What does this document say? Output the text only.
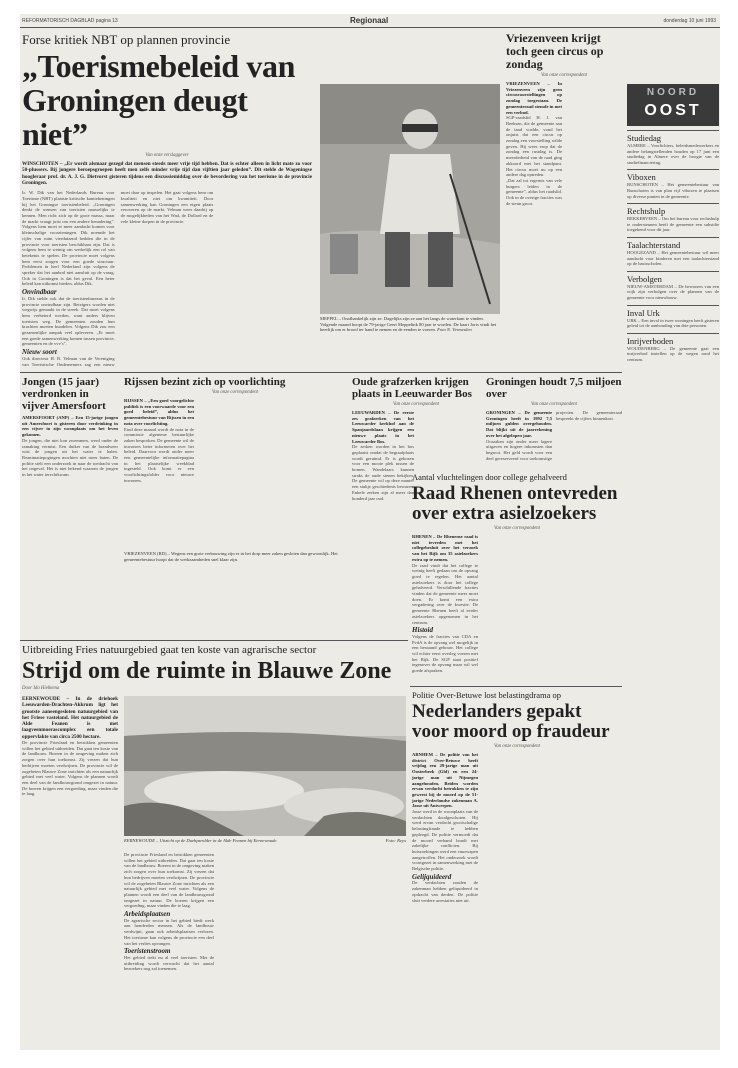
REFORMATORISCH DAGBLAD pagina 13	Regionaal	donderdag 10 juni 1993
Forse kritiek NBT op plannen provincie
„Toerismebeleid van Groningen deugt niet”
Van onze verslaggever
WINSCHOTEN – „Er wordt alsmaar gezegd dat mensen steeds meer vrije tijd hebben. Dat is echter alleen in licht mate zo voor 50-plussers. Bij jongere beroepsgroepen heeft men zelfs minder vrije tijd dan vijftien jaar geleden”. Dit stelde de Wageningse hoogleraar prof. dr. A. J. G. Dietvorst gisteren tijdens een discussiemiddag over de bevordering van het toerisme in de provincie Groningen.

Ir. W. Dik van het Nederlands Bureau voor Toerisme (NBT) plaatste kritische kanttekeningen bij het Groningse toeristenbeleid. „Groningen denkt de wensen van toeristen nauwelijks te kennen. Men richt zich op de grote massa, maar de markt vraagt juist om een andere benadering”. Volgens hem moet er meer aandacht komen voor kleinschalige voorzieningen. Dik noemde het cijfer van ruim vierduizend bedden die in de provincie voor toeristen beschikbaar zijn. Dat is volgens hem te weinig om werkelijk een rol van betekenis te spelen. De provincie moet volgens hem eerst zorgen voor een goede structuur. Problemen in heel Nederland zijn volgens de spreker dat het aanbod niet aansluit op de vraag. Ook in Groningen is dat het geval. Een beter beleid kan uitkomst bieden, aldus Dik.

Onvindbaar

Ir. Dik stelde ook dat de toeristenbureaus in de provincie onvindbaar zijn. Reizigers worden niet wegwijs gemaakt in de streek. Dat moet volgens hem verbeterd worden, want anders blijven toeristen weg. De gemeenten zouden hun krachten moeten bundelen. Volgens Dik zou een gezamenlijke aanpak veel opleveren. „Er moet een goede samenwerking komen tussen provincie, gemeenten en de vvv's”.

Nieuw soort

Ook directeur H. B. Velman van de Vereniging van Toeristische Ondernemers zag een nieuw moet daar op inspelen. Het gaat volgens hem om kwaliteit en niet om kwantiteit. Door samenwerking kan Groningen een eigen plaats veroveren op de markt. Velman wees daarbij op de mogelijkheden van het Wad, de Dollard en de vele kleine dorpen in de provincie.

MEPPEL – Onafhankelijk zijn ze. Dagelijks zijn ze aan het langs de waterkant te vinden. Volgende maand hoopt de 79-jarige Geert Meppelink 80 jaar te worden. De kaart Jorts vindt het heerlijk om er brood ter hand te nemen en de eenden te voeren. Foto N. Vermeulen
Vriezenveen krijgt toch geen circus op zondag
Van onze correspondent

VRIEZENVEEN – In Vriezenveen zijn geen circusvoorstellingen op zondag toegestaan. De gemeenteraad stemde in met een verbod.

SGP-raadslid H. J. van Beeksen, die de gemeente aan de tand voelde, vond het onjuist dat een circus op zondag een voorstelling wilde geven. Hij wees erop dat de zondag een rustdag is. De meerderheid van de raad ging akkoord met het standpunt. Het circus moet nu op een andere dag optreden.

„Dat zal tot ergernis van vele burgers leiden in de gemeente”, aldus het raadslid. Ook in de overige fracties was de steun groot.

NOORD
OOST
Studiedag

ALMERE – Voorlichters, beleidsmedewerkers en andere belangstellenden houden op 17 juni een studiedag in Almere over de hoogte van de studiefinanciering.

Viboxen

BUNSCHOTEN – Het gemeentebestuur van Bunschoten is van plan vijf viboxen te plaatsen op diverse punten in de gemeente.

Rechtshulp

BEKKERVEEN – Om het bureau voor rechtshulp te ondersteunen heeft de gemeente een subsidie toegekend voor dit jaar.

Taalachterstand

HOOGEZAND – Het gemeentebestuur wil meer aandacht voor kinderen met een taalachterstand op de basisscholen.

Verbolgen

NIEUW-AMSTERDAM – De bewoners van een wijk zijn verbolgen over de plannen van de gemeente voor nieuwbouw.

Inval Urk

URK – Een inval in twee woningen heeft gisteren geleid tot de aanhouding van drie personen.

Inrijverboden

WOUDENBERG – De gemeente gaat een inrijverbod instellen op de wegen rond het centrum.

Jongen (15 jaar) verdronken in vijver Amersfoort

AMERSFOORT (ANP) – Een 15-jarige jongen uit Amersfoort is gisteren door verdrinking in een vijver in zijn woonplaats om het leven gekomen.

De jongen, die niet kon zwemmen, werd onder de ramaking vermist. Een duiker van de brandweer wist de jongen uit het water te halen. Reanimatiepogingen mochten niet meer baten. De politie stelt een onderzoek in naar de toedracht van het ongeval. Het is niet bekend waarom de jongen in het water terechtkwam.

Rijssen bezint zich op voorlichting
Van onze correspondent

RIJSSEN – „Een goed voorgelichte publiek is een voorwaarde voor een goed beleid”, aldus het gemeentebestuur van Rijssen in een nota over voorlichting.

Eind deze maand wordt de nota in de commissie algemene bestuurlijke zaken besproken. De gemeente wil de inwoners beter informeren over het beleid. Daarvoor wordt onder meer een gemeentelijke informatiepagina in het plaatselijke weekblad ingesteld. Ook komt er een voorlichtingsfolder voor nieuwe inwoners.

VRIEZENVEEN (RD) – Wegens een grote verbouwing zijn er in het dorp meer zaken gesloten dan gewoonlijk. Het gemeentebestuur hoopt dat de werkzaamheden snel klaar zijn.
Oude grafzerken krijgen plaats in Leeuwarder Bos
Van onze correspondent

LEEUWARDEN – De eerste zes grafzerken van het Leeuwarder kerkhof aan de Spanjaardslaan krijgen een nieuwe plaats in het Leeuwarder Bos.

De zerken worden in het bos geplaatst omdat de begraafplaats wordt geruimd. Er is gekozen voor een mooie plek tussen de bomen. Wandelaars kunnen straks de oude stenen bekijken. De gemeente wil op deze manier een stukje geschiedenis bewaren. Enkele zerken zijn al meer dan honderd jaar oud.

Groningen houdt 7,5 miljoen over
Van onze correspondent

GRONINGEN – De gemeente Groningen heeft in 1992 7,5 miljoen gulden overgehouden. Dat blijkt uit de jaarrekening over het afgelopen jaar.

Oorzaken zijn onder meer lagere uitgaven en hogere inkomsten dan begroot. Het geld wordt voor een deel gereserveerd voor toekomstige projecten. De gemeenteraad bespreekt de cijfers binnenkort.

Aantal vluchtelingen door college gehalveerd
Raad Rhenen ontevreden over extra asielzoekers
Van onze correspondent

RHENEN – De Rhenense raad is niet tevreden met het collegebesluit over het verzoek van het Rijk om 35 asielzoekers extra op te nemen.

De raad vindt dat het college te weinig heeft gedaan om de opvang goed te regelen. Het aantal asielzoekers is door het college gehalveerd. Verschillende fracties vinden dat de gemeente meer moet doen. Er komt een extra vergadering over de kwestie. De gemeente Rhenen heeft al eerder asielzoekers opgenomen in het centrum.

Histoid

Volgens de fracties van CDA en PvdA is de opvang wel mogelijk in een bestaand gebouw. Het college wil echter eerst overleg voeren met het Rijk. De SGP staat positief tegenover de opvang maar wil wel goede afspraken.

Uitbreiding Fries natuurgebied gaat ten koste van agrarische sector
Strijd om de ruimte in Blauwe Zone
Door Ido Hielkema

EERNEWOUDE – In de driehoek Leeuwarden-Drachten-Akkrum ligt het grootste aaneengesloten natuurgebied van het Friese vasteland. Het natuurgebied de Alde Feanen is met laagveenmoerascomplex een totale oppervlakte van circa 2500 hectare.

De provincie Friesland en betrokken gemeenten willen het gebied uitbreiden. Dat gaat ten koste van de landbouw. Boeren in de omgeving maken zich zorgen over hun toekomst. Zij vrezen dat hun bedrijven moeten verdwijnen. De provincie wil de zogeheten Blauwe Zone inrichten als een natuurlijk gebied met veel water. Volgens de plannen wordt een deel van de landbouwgrond omgezet in natuur. De boeren krijgen een vergoeding, maar vinden die te laag.

EERNEWOUDE – Uitzicht op de Duehpsrolder in de Alde Feanen bij Eernewoude.	Foto: Reyx

De provincie Friesland en betrokken gemeenten willen het gebied uitbreiden. Dat gaat ten koste van de landbouw. Boeren in de omgeving maken zich zorgen over hun toekomst. Zij vrezen dat hun bedrijven moeten verdwijnen. De provincie wil de zogeheten Blauwe Zone inrichten als een natuurlijk gebied met veel water. Volgens de plannen wordt een deel van de landbouwgrond omgezet in natuur. De boeren krijgen een vergoeding, maar vinden die te laag.

Arbeidsplaatsen

De agrarische sector in het gebied biedt werk aan honderden mensen. Als de landbouw verdwijnt, gaan ook arbeidsplaatsen verloren. Het toerisme kan volgens de provincie een deel van het verlies opvangen.

Toeristenstroom

Het gebied trekt nu al veel toeristen. Met de uitbreiding wordt verwacht dat het aantal bezoekers nog zal toenemen.

Politie Over-Betuwe lost belastingdrama op
Nederlanders gepakt voor moord op fraudeur
Van onze correspondent

ARNHEM – De politie van het district Over-Betuwe heeft vrijdag een 29-jarige man uit Oosterbeek (Gld) en een 24-jarige man uit Nijmegen aangehouden. Beiden worden ervan verdacht betrokken te zijn geweest bij de moord op de 51-jarige Nederlandse zakenman A. Jasse uit Antwerpen.

Jasse werd in de woonplaats van de verdachten doodgeschoten. Hij werd ervan verdacht grootschalige belastingfraude te hebben gepleegd. De politie vermoedt dat de moord verband houdt met zakelijke conflicten. Bij huiszoekingen werd een vuurwapen aangetroffen. Het onderzoek wordt voortgezet in samenwerking met de Belgische politie.

Gelijquideerd

De verdachten zouden de zakenman hebben geliquideerd in opdracht van derden. De politie sluit verdere arrestaties niet uit.
